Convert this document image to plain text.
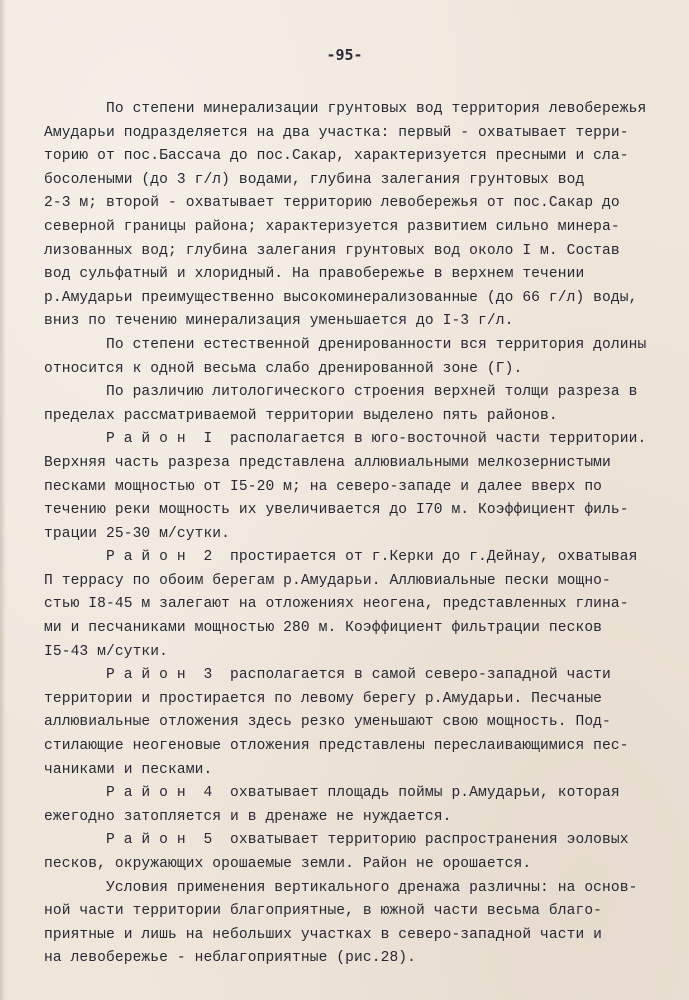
-95-
По степени минерализации грунтовых вод территория левобережья
Амударьи подразделяется на два участка: первый - охватывает терри-
торию от пос.Бассача до пос.Сакар, характеризуется пресными и сла-
босолеными (до 3 г/л) водами, глубина залегания грунтовых вод
2-3 м; второй - охватывает территорию левобережья от пос.Сакар до
северной границы района; характеризуется развитием сильно минера-
лизованных вод; глубина залегания грунтовых вод около I м. Состав
вод сульфатный и хлоридный. На правобережье в верхнем течении
р.Амударьи преимущественно высокоминерализованные (до 66 г/л) воды,
вниз по течению минерализация уменьшается до I-3 г/л.
По степени естественной дренированности вся территория долины
относится к одной весьма слабо дренированной зоне (Г).
По различию литологического строения верхней толщи разреза в
пределах рассматриваемой территории выделено пять районов.
Р а й о н  I  располагается в юго-восточной части территории.
Верхняя часть разреза представлена аллювиальными мелкозернистыми
песками мощностью от I5-20 м; на северо-западе и далее вверх по
течению реки мощность их увеличивается до I70 м. Коэффициент филь-
трации 25-30 м/сутки.
Р а й о н  2  простирается от г.Керки до г.Дейнау, охватывая
П террасу по обоим берегам р.Амударьи. Аллювиальные пески мощно-
стью I8-45 м залегают на отложениях неогена, представленных глина-
ми и песчаниками мощностью 280 м. Коэффициент фильтрации песков
I5-43 м/сутки.
Р а й о н  3  располагается в самой северо-западной части
территории и простирается по левому берегу р.Амударьи. Песчаные
аллювиальные отложения здесь резко уменьшают свою мощность. Под-
стилающие неогеновые отложения представлены переслаивающимися пес-
чаниками и песками.
Р а й о н  4  охватывает площадь поймы р.Амударьи, которая
ежегодно затопляется и в дренаже не нуждается.
Р а й о н  5  охватывает территорию распространения эоловых
песков, окружающих орошаемые земли. Район не орошается.
Условия применения вертикального дренажа различны: на основ-
ной части территории благоприятные, в южной части весьма благо-
приятные и лишь на небольших участках в северо-западной части и
на левобережье - неблагоприятные (рис.28).
